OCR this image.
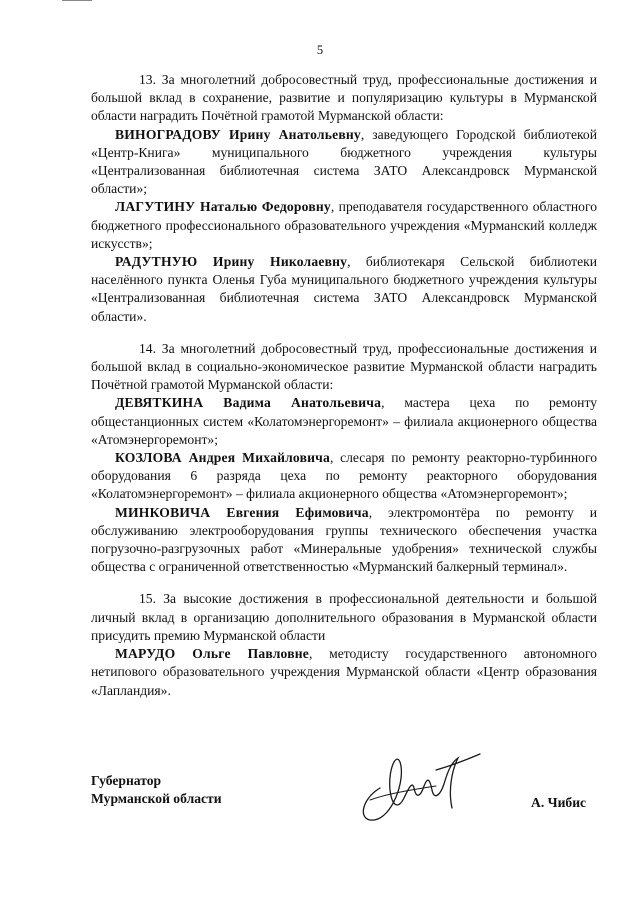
5

13. За многолетний добросовестный труд, профессиональные достижения и большой вклад в сохранение, развитие и популяризацию культуры в Мурманской области наградить Почётной грамотой Мурманской области:

ВИНОГРАДОВУ Ирину Анатольевну, заведующего Городской библиотекой «Центр-Книга» муниципального бюджетного учреждения культуры «Централизованная библиотечная система ЗАТО Александровск Мурманской области»;

ЛАГУТИНУ Наталью Федоровну, преподавателя государственного областного бюджетного профессионального образовательного учреждения «Мурманский колледж искусств»;

РАДУТНУЮ Ирину Николаевну, библиотекаря Сельской библиотеки населённого пункта Оленья Губа муниципального бюджетного учреждения культуры «Централизованная библиотечная система ЗАТО Александровск Мурманской области».

14. За многолетний добросовестный труд, профессиональные достижения и большой вклад в социально-экономическое развитие Мурманской области наградить Почётной грамотой Мурманской области:

ДЕВЯТКИНА Вадима Анатольевича, мастера цеха по ремонту общестанционных систем «Колатомэнергоремонт» – филиала акционерного общества «Атомэнергоремонт»;

КОЗЛОВА Андрея Михайловича, слесаря по ремонту реакторно-турбинного оборудования 6 разряда цеха по ремонту реакторного оборудования «Колатомэнергоремонт» – филиала акционерного общества «Атомэнергоремонт»;

МИНКОВИЧА Евгения Ефимовича, электромонтёра по ремонту и обслуживанию электрооборудования группы технического обеспечения участка погрузочно-разгрузочных работ «Минеральные удобрения» технической службы общества с ограниченной ответственностью «Мурманский балкерный терминал».

15. За высокие достижения в профессиональной деятельности и большой личный вклад в организацию дополнительного образования в Мурманской области присудить премию Мурманской области

МАРУДО Ольге Павловне, методисту государственного автономного нетипового образовательного учреждения Мурманской области «Центр образования «Лапландия».

Губернатор
Мурманской области	А. Чибис
